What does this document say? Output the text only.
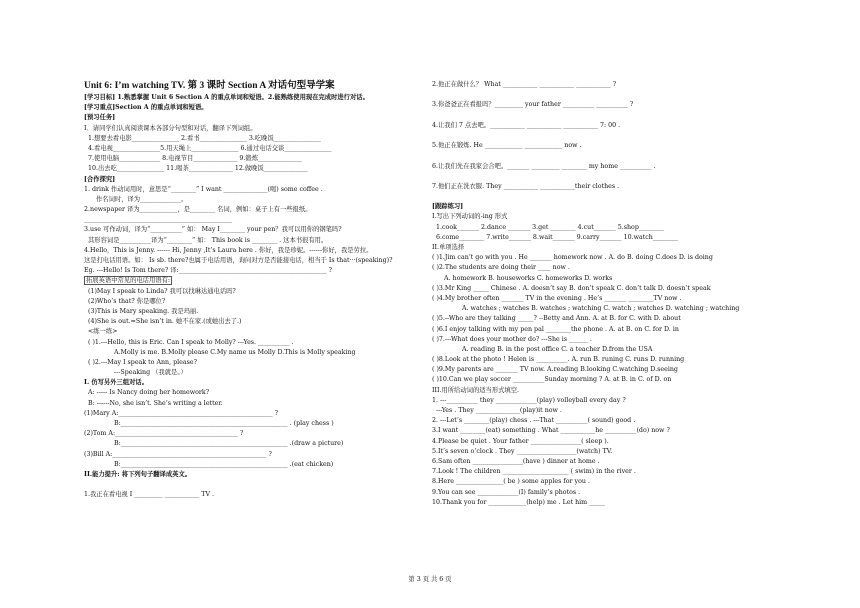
Unit 6: I’m watching TV. 第 3 课时 Section A 对话句型导学案
[学习目标] 1.熟悉掌握 Unit 6 Section A 的重点单词和短语。2.能熟练使用现在完成时进行对话。
[学习重点]Section A 的重点单词和短语。
[预习任务]
I．请同学们认真阅读课本各部分句型和对话，翻译下列词组。
1.想要去看电影_______________ 2.看书_______________ 3.吃晚饭_______________
4.看电视_______________5.用天绳上_______________ 6.通过电话交谈_______________
7.使用电脑_____________ 8.电视节目______________ 9.锻炼______________
10.出去吃_______________ 11.喝茶______________ 12.做晚饭______________
[合作探究]
1. drink 作动词用时，意思是“________” I want ______________(喝) some coffee .
作名词时，译为_____________。
2.newspaper 译为____________，是________ 名词，例如：桌子上有一些报纸。
_______________________________________________
3.use 可作动词，译为“__________” 如： May I________ your pen？我可以用你的钢笔吗?
其形容词是__________译为“________” 如： This book is ________ . 这本书很有用。
4.Hello，This is Jenny. ------ Hi, Jenny ,It’s Laura here . 你好，我是珍妮。------你好，我是劳拉。
这是打电话用语。如： Is sb. there?也属于电话用语，询问对方是否能接电话，相当于 Is that···(speaking)?
Eg. ---Hello! Is Tom there? 译:_______________________________________________ ?
拓展英语中常见的电话用语有:
(1)May I speak to Linda? 我可以找琳达通电话吗?
(2)Who’s that? 你是哪位?
(3)This is Mary speaking. 我是玛丽.
(4)She is out.=She isn’t in. 她不在家.(或她出去了.)
<练一练>
( )1.---Hello, this is Eric. Can I speak to Molly? ---Yes. __________ .
A.Molly is me. B.Molly please C.My name us Molly D.This is Molly speaking
( )2.---May I speak to Ann, please?
---Speaking （我就是。）
I. 仿写另外三组对话。
A: ----- Is Nancy doing her homework?
B: ------No, she isn’t. She’s writing a letter.
(1)Mary A:_________________________________________________ ?
B:_____________________________________________________ . (play chess )
(2)Tom A:_______________________________________ ?
B:_____________________________________________________ .(draw a picture)
(3)Bill A:_________________________________________________ ?
B:_____________________________________________________ .(eat chicken)
II.能力提升: 将下列句子翻译成英文。
1.我正在看电视 I _________ ___________ TV .
2.他正在做什么？ What ___________ ___________ ___________ ?
3.你爸爸正在看报吗？_________ your father __________ __________ ?
4.让我们 7 点去吧。___________ ___________ ___________ 7: 00 .
5.他正在锻炼. He ____________ ____________ now .
6.让我们先在我家会合吧。_______ _________ ________ my home __________ .
7.他们正在洗衣服. They ___________ ___________their clothes .
[跟踪练习]
I.写出下列动词的-ing 形式
1.cook_______ 2.dance _______ 3.get ________ 4.cut_______ 5.shop________
6.come________ 7.write_______ 8.wait_______ 9.carry_______ 10.watch________
II.单项选择
( )1.Jim can’t go with you . He _______ homework now . A. do B. doing C.does D. is doing
( )2.The students are doing their ____ now .
A. homework B. houseworks C. homeworks D. works
( )3.Mr King _____ Chinese . A. doesn’t say B. don’t speak C. don’t talk D. doesn’t speak
( )4.My brother often _______ TV in the evening . He’s _______ ________TV now .
A. watches ; watches B. watches ; watching C. watch ; watches D. watching ; watching
( )5.--Who are they talking _____? --Betty and Ann. A. at B. for C. with D. about
( )6.I enjoy talking with my pen pal ________the phone . A. at B. on C. for D. in
( )7.---What does your mother do? ---She is ______ .
A. reading B. in the post office C. a teacher D.from the USA
( )8.Look at the photo ! Helen is __________. A. run B. runing C. runs D. running
( )9.My parents are _______ TV now. A.reading B.looking C.watching D.seeing
( )10.Can we play soccer __________Sunday morning ? A. at B. in C. of D. on
III.用所给动词的适当形式填空.
1. ---__________ they _____________(play) volleyball every day ?
---Yes . They ______________(play)it now .
2. ---Let’s ________(play) chess . ---That __________( sound) good .
3.I want ________(eat) something . What ___________he __________(do) now ?
4.Please be quiet . Your father ________________( sleep ).
5.It’s seven o’clock . They ___________________(watch) TV.
6.Sam often ________________(have ) dinner at home .
7.Look ! The children _____________________ ( swim) in the river .
8.Here _______________( be ) some apples for you .
9.You can see _____________(I) family’s photos .
10.Thank you for ____________(help) me . Let him _____
第 3 页 共 6 页
